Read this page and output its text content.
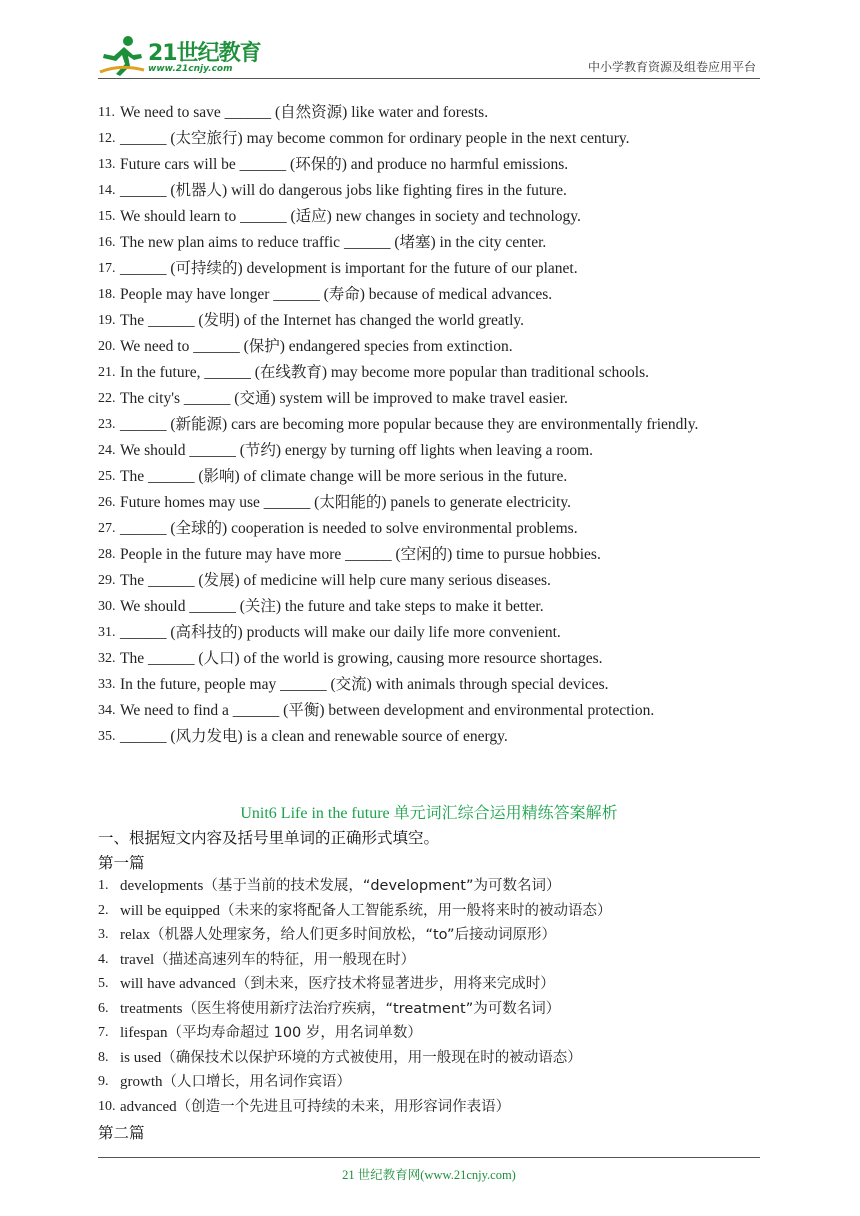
21世纪教育
www.21cnjy.com	中小学教育资源及组卷应用平台
11. We need to save ______ (自然资源) like water and forests.
12. ______ (太空旅行) may become common for ordinary people in the next century.
13. Future cars will be ______ (环保的) and produce no harmful emissions.
14. ______ (机器人) will do dangerous jobs like fighting fires in the future.
15. We should learn to ______ (适应) new changes in society and technology.
16. The new plan aims to reduce traffic ______ (堵塞) in the city center.
17. ______ (可持续的) development is important for the future of our planet.
18. People may have longer ______ (寿命) because of medical advances.
19. The ______ (发明) of the Internet has changed the world greatly.
20. We need to ______ (保护) endangered species from extinction.
21. In the future, ______ (在线教育) may become more popular than traditional schools.
22. The city's ______ (交通) system will be improved to make travel easier.
23. ______ (新能源) cars are becoming more popular because they are environmentally friendly.
24. We should ______ (节约) energy by turning off lights when leaving a room.
25. The ______ (影响) of climate change will be more serious in the future.
26. Future homes may use ______ (太阳能的) panels to generate electricity.
27. ______ (全球的) cooperation is needed to solve environmental problems.
28. People in the future may have more ______ (空闲的) time to pursue hobbies.
29. The ______ (发展) of medicine will help cure many serious diseases.
30. We should ______ (关注) the future and take steps to make it better.
31. ______ (高科技的) products will make our daily life more convenient.
32. The ______ (人口) of the world is growing, causing more resource shortages.
33. In the future, people may ______ (交流) with animals through special devices.
34. We need to find a ______ (平衡) between development and environmental protection.
35. ______ (风力发电) is a clean and renewable source of energy.
Unit6 Life in the future 单元词汇综合运用精练答案解析
一、根据短文内容及括号里单词的正确形式填空。
第一篇
1. developments（基于当前的技术发展，“development”为可数名词）
2. will be equipped（未来的家将配备人工智能系统，用一般将来时的被动语态）
3. relax（机器人处理家务，给人们更多时间放松，“to”后接动词原形）
4. travel（描述高速列车的特征，用一般现在时）
5. will have advanced（到未来，医疗技术将显著进步，用将来完成时）
6. treatments（医生将使用新疗法治疗疾病，“treatment”为可数名词）
7. lifespan（平均寿命超过 100 岁，用名词单数）
8. is used（确保技术以保护环境的方式被使用，用一般现在时的被动语态）
9. growth（人口增长，用名词作宾语）
10. advanced（创造一个先进且可持续的未来，用形容词作表语）
第二篇
21 世纪教育网(www.21cnjy.com)
